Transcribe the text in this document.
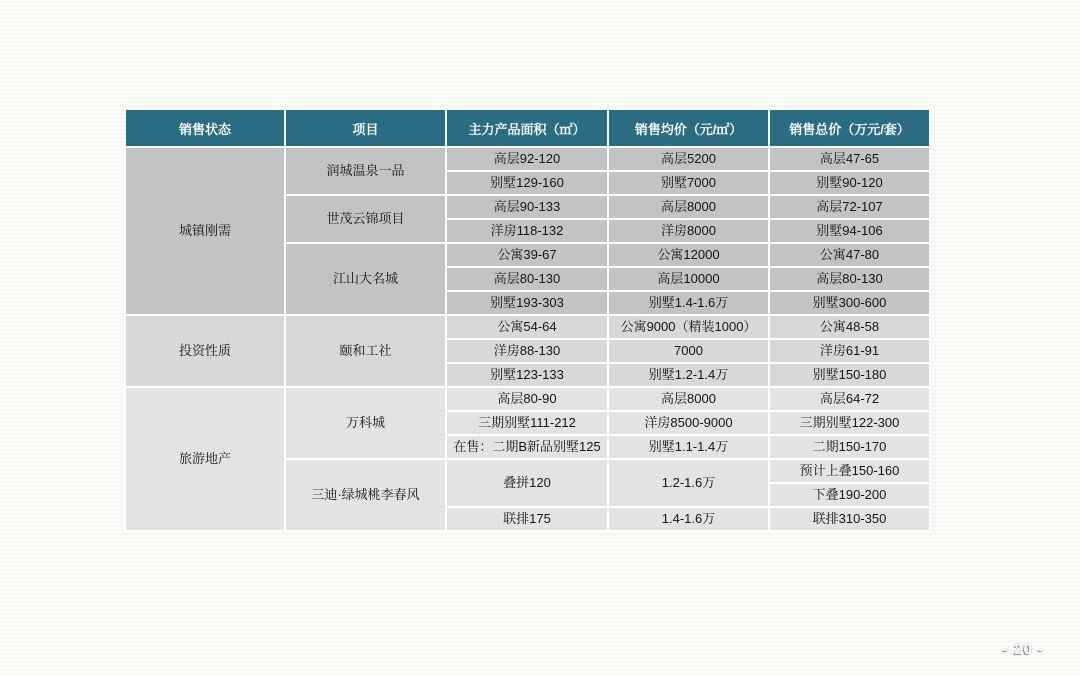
销售状态	项目	主力产品面积（㎡）	销售均价（元/㎡）	销售总价（万元/套）
城镇刚需	润城温泉一品	高层92-120	高层5200	高层47-65
		别墅129-160	别墅7000	别墅90-120
	世茂云锦项目	高层90-133	高层8000	高层72-107
		洋房118-132	洋房8000	别墅94-106
	江山大名城	公寓39-67	公寓12000	公寓47-80
		高层80-130	高层10000	高层80-130
		别墅193-303	别墅1.4-1.6万	别墅300-600
投资性质	颐和工社	公寓54-64	公寓9000（精装1000）	公寓48-58
		洋房88-130	7000	洋房61-91
		别墅123-133	别墅1.2-1.4万	别墅150-180
旅游地产	万科城	高层80-90	高层8000	高层64-72
		三期别墅111-212	洋房8500-9000	三期别墅122-300
		在售：二期B新品别墅125	别墅1.1-1.4万	二期150-170
	三迪·绿城桃李春风	叠拼120	1.2-1.6万	预计上叠150-160
				下叠190-200
		联排175	1.4-1.6万	联排310-350
- 20 -
